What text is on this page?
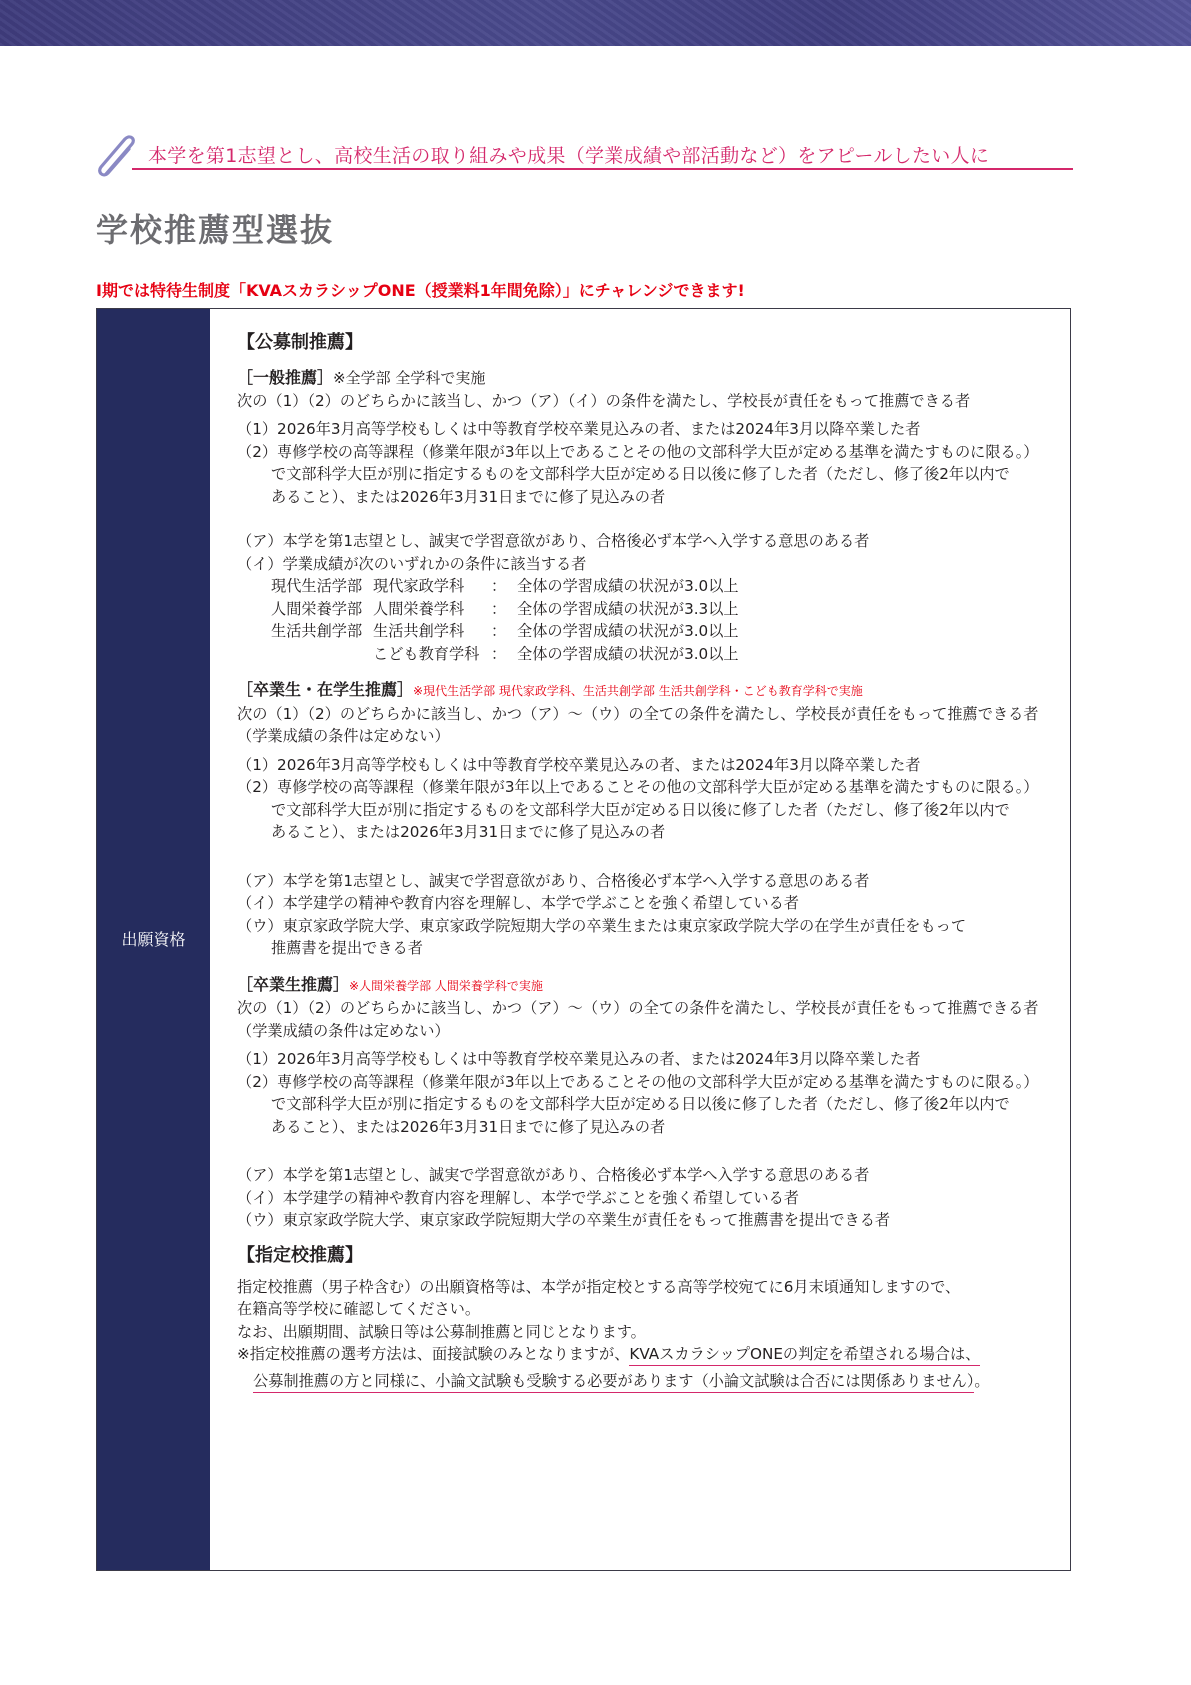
本学を第1志望とし、高校生活の取り組みや成果（学業成績や部活動など）をアピールしたい人に
学校推薦型選抜
I期では特待生制度「KVAスカラシップONE（授業料1年間免除）」にチャレンジできます!
出願資格
【公募制推薦】
［一般推薦］※全学部 全学科で実施
次の（1）（2）のどちらかに該当し、かつ（ア）（イ）の条件を満たし、学校長が責任をもって推薦できる者
（1） 2026年3月高等学校もしくは中等教育学校卒業見込みの者、または2024年3月以降卒業した者
（2） 専修学校の高等課程（修業年限が3年以上であることその他の文部科学大臣が定める基準を満たすものに限る。）
で文部科学大臣が別に指定するものを文部科学大臣が定める日以後に修了した者（ただし、修了後2年以内で
あること）、または2026年3月31日までに修了見込みの者
（ア） 本学を第1志望とし、誠実で学習意欲があり、合格後必ず本学へ入学する意思のある者
（イ） 学業成績が次のいずれかの条件に該当する者
現代生活学部 現代家政学科	： 全体の学習成績の状況が3.0以上
人間栄養学部 人間栄養学科	： 全体の学習成績の状況が3.3以上
生活共創学部 生活共創学科	： 全体の学習成績の状況が3.0以上
こども教育学科 ： 全体の学習成績の状況が3.0以上
［卒業生・在学生推薦］※現代生活学部 現代家政学科、生活共創学部 生活共創学科・こども教育学科で実施
次の（1）（2）のどちらかに該当し、かつ（ア）～（ウ）の全ての条件を満たし、学校長が責任をもって推薦できる者
（学業成績の条件は定めない）
（1） 2026年3月高等学校もしくは中等教育学校卒業見込みの者、または2024年3月以降卒業した者
（2） 専修学校の高等課程（修業年限が3年以上であることその他の文部科学大臣が定める基準を満たすものに限る。）
で文部科学大臣が別に指定するものを文部科学大臣が定める日以後に修了した者（ただし、修了後2年以内で
あること）、または2026年3月31日までに修了見込みの者
（ア） 本学を第1志望とし、誠実で学習意欲があり、合格後必ず本学へ入学する意思のある者
（イ） 本学建学の精神や教育内容を理解し、本学で学ぶことを強く希望している者
（ウ） 東京家政学院大学、東京家政学院短期大学の卒業生または東京家政学院大学の在学生が責任をもって
推薦書を提出できる者
［卒業生推薦］※人間栄養学部 人間栄養学科で実施
次の（1）（2）のどちらかに該当し、かつ（ア）～（ウ）の全ての条件を満たし、学校長が責任をもって推薦できる者
（学業成績の条件は定めない）
（1） 2026年3月高等学校もしくは中等教育学校卒業見込みの者、または2024年3月以降卒業した者
（2） 専修学校の高等課程（修業年限が3年以上であることその他の文部科学大臣が定める基準を満たすものに限る。）
で文部科学大臣が別に指定するものを文部科学大臣が定める日以後に修了した者（ただし、修了後2年以内で
あること）、または2026年3月31日までに修了見込みの者
（ア） 本学を第1志望とし、誠実で学習意欲があり、合格後必ず本学へ入学する意思のある者
（イ） 本学建学の精神や教育内容を理解し、本学で学ぶことを強く希望している者
（ウ） 東京家政学院大学、東京家政学院短期大学の卒業生が責任をもって推薦書を提出できる者
【指定校推薦】
指定校推薦（男子枠含む）の出願資格等は、本学が指定校とする高等学校宛てに6月末頃通知しますので、
在籍高等学校に確認してください。
なお、出願期間、試験日等は公募制推薦と同じとなります。
※指定校推薦の選考方法は、面接試験のみとなりますが、KVAスカラシップONEの判定を希望される場合は、
公募制推薦の方と同様に、小論文試験も受験する必要があります（小論文試験は合否には関係ありません）。
